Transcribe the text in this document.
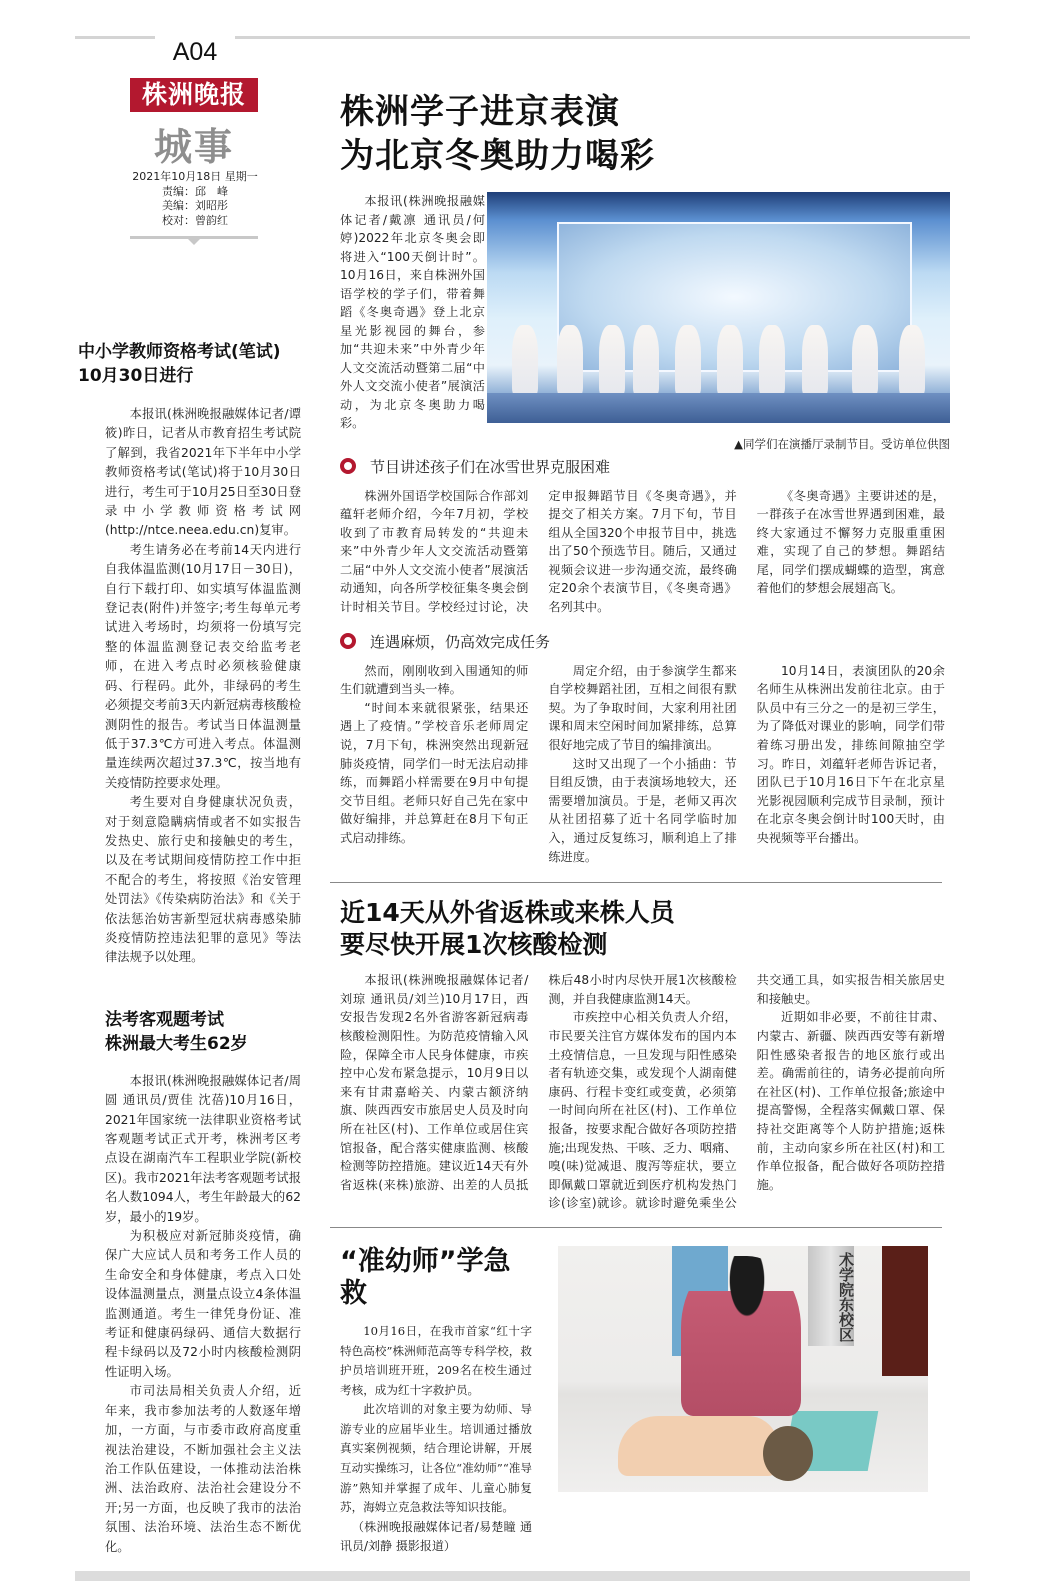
A04
株洲晚报
城事
2021年10月18日 星期一
责编：邱　峰
美编：刘昭彤
校对：曾韵红
中小学教师资格考试(笔试)
10月30日进行

本报讯(株洲晚报融媒体记者/谭筱)昨日，记者从市教育招生考试院了解到，我省2021年下半年中小学教师资格考试(笔试)将于10月30日进行，考生可于10月25日至30日登录中小学教师资格考试网(http://ntce.neea.edu.cn)复审。

考生请务必在考前14天内进行自我体温监测(10月17日－30日)，自行下载打印、如实填写体温监测登记表(附件)并签字;考生每单元考试进入考场时，均须将一份填写完整的体温监测登记表交给监考老师，在进入考点时必须核验健康码、行程码。此外，非绿码的考生必须提交考前3天内新冠病毒核酸检测阴性的报告。考试当日体温测量低于37.3℃方可进入考点。体温测量连续两次超过37.3℃，按当地有关疫情防控要求处理。

考生要对自身健康状况负责，对于刻意隐瞒病情或者不如实报告发热史、旅行史和接触史的考生，以及在考试期间疫情防控工作中拒不配合的考生，将按照《治安管理处罚法》《传染病防治法》和《关于依法惩治妨害新型冠状病毒感染肺炎疫情防控违法犯罪的意见》等法律法规予以处理。

法考客观题考试
株洲最大考生62岁

本报讯(株洲晚报融媒体记者/周圆 通讯员/贾佳 沈蓓)10月16日，2021年国家统一法律职业资格考试客观题考试正式开考，株洲考区考点设在湖南汽车工程职业学院(新校区)。我市2021年法考客观题考试报名人数1094人，考生年龄最大的62岁，最小的19岁。

为积极应对新冠肺炎疫情，确保广大应试人员和考务工作人员的生命安全和身体健康，考点入口处设体温测量点，测量点设立4条体温监测通道。考生一律凭身份证、准考证和健康码绿码、通信大数据行程卡绿码以及72小时内核酸检测阴性证明入场。

市司法局相关负责人介绍，近年来，我市参加法考的人数逐年增加，一方面，与市委市政府高度重视法治建设，不断加强社会主义法治工作队伍建设，一体推动法治株洲、法治政府、法治社会建设分不开;另一方面，也反映了我市的法治氛围、法治环境、法治生态不断优化。

株洲学子进京表演
为北京冬奥助力喝彩
本报讯(株洲晚报融媒体记者/戴凛 通讯员/何婷)2022年北京冬奥会即将进入“100天倒计时”。10月16日，来自株洲外国语学校的学子们，带着舞蹈《冬奥奇遇》登上北京星光影视园的舞台，参加“共迎未来”中外青少年人文交流活动暨第二届“中外人文交流小使者”展演活动，为北京冬奥助力喝彩。
▲同学们在演播厅录制节目。受访单位供图
节目讲述孩子们在冰雪世界克服困难

株洲外国语学校国际合作部刘蕴轩老师介绍，今年7月初，学校收到了市教育局转发的“共迎未来”中外青少年人文交流活动暨第二届“中外人文交流小使者”展演活动通知，向各所学校征集冬奥会倒计时相关节目。学校经过讨论，决定申报舞蹈节目《冬奥奇遇》，并提交了相关方案。7月下旬，节目组从全国320个申报节目中，挑选出了50个预选节目。随后，又通过视频会议进一步沟通交流，最终确定20余个表演节目，《冬奥奇遇》名列其中。

《冬奥奇遇》主要讲述的是，一群孩子在冰雪世界遇到困难，最终大家通过不懈努力克服重重困难，实现了自己的梦想。舞蹈结尾，同学们摆成蝴蝶的造型，寓意着他们的梦想会展翅高飞。

连遇麻烦，仍高效完成任务

然而，刚刚收到入围通知的师生们就遭到当头一棒。

“时间本来就很紧张，结果还遇上了疫情。”学校音乐老师周定说，7月下旬，株洲突然出现新冠肺炎疫情，同学们一时无法启动排练，而舞蹈小样需要在9月中旬提交节目组。老师只好自己先在家中做好编排，并总算赶在8月下旬正式启动排练。

周定介绍，由于参演学生都来自学校舞蹈社团，互相之间很有默契。为了争取时间，大家利用社团课和周末空闲时间加紧排练，总算很好地完成了节目的编排演出。

这时又出现了一个小插曲：节目组反馈，由于表演场地较大，还需要增加演员。于是，老师又再次从社团招募了近十名同学临时加入，通过反复练习，顺利追上了排练进度。

10月14日，表演团队的20余名师生从株洲出发前往北京。由于队员中有三分之一的是初三学生，为了降低对课业的影响，同学们带着练习册出发，排练间隙抽空学习。昨日，刘蕴轩老师告诉记者，团队已于10月16日下午在北京星光影视园顺利完成节目录制，预计在北京冬奥会倒计时100天时，由央视频等平台播出。

近14天从外省返株或来株人员
要尽快开展1次核酸检测

本报讯(株洲晚报融媒体记者/刘琼 通讯员/刘兰)10月17日，西安报告发现2名外省游客新冠病毒核酸检测阳性。为防范疫情输入风险，保障全市人民身体健康，市疾控中心发布紧急提示，10月9日以来有甘肃嘉峪关、内蒙古额济纳旗、陕西西安市旅居史人员及时向所在社区(村)、工作单位或居住宾馆报备，配合落实健康监测、核酸检测等防控措施。建议近14天有外省返株(来株)旅游、出差的人员抵株后48小时内尽快开展1次核酸检测，并自我健康监测14天。

市疾控中心相关负责人介绍，市民要关注官方媒体发布的国内本土疫情信息，一旦发现与阳性感染者有轨迹交集，或发现个人湖南健康码、行程卡变红或变黄，必须第一时间向所在社区(村)、工作单位报备，按要求配合做好各项防控措施;出现发热、干咳、乏力、咽痛、嗅(味)觉减退、腹泻等症状，要立即佩戴口罩就近到医疗机构发热门诊(诊室)就诊。就诊时避免乘坐公共交通工具，如实报告相关旅居史和接触史。

近期如非必要，不前往甘肃、内蒙古、新疆、陕西西安等有新增阳性感染者报告的地区旅行或出差。确需前往的，请务必提前向所在社区(村)、工作单位报备;旅途中提高警惕，全程落实佩戴口罩、保持社交距离等个人防护措施;返株前，主动向家乡所在社区(村)和工作单位报备，配合做好各项防控措施。

“准幼师”学急救

10月16日，在我市首家“红十字特色高校”株洲师范高等专科学校，救护员培训班开班，209名在校生通过考核，成为红十字救护员。

此次培训的对象主要为幼师、导游专业的应届毕业生。培训通过播放真实案例视频，结合理论讲解，开展互动实操练习，让各位“准幼师”“准导游”熟知并掌握了成年、儿童心肺复苏，海姆立克急救法等知识技能。

（株洲晚报融媒体记者/易楚瞳 通讯员/刘静 摄影报道）

术学院东校区
